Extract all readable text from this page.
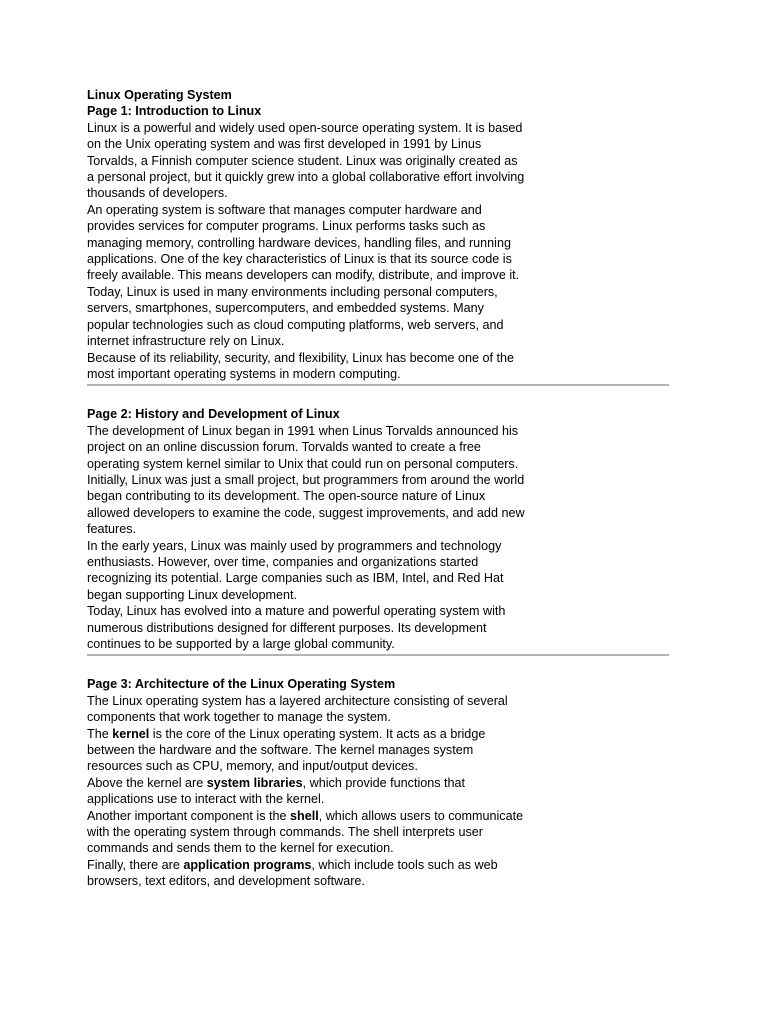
Linux Operating System

Page 1: Introduction to Linux

Linux is a powerful and widely used open-source operating system. It is based on the Unix operating system and was first developed in 1991 by Linus Torvalds, a Finnish computer science student. Linux was originally created as a personal project, but it quickly grew into a global collaborative effort involving thousands of developers.

An operating system is software that manages computer hardware and provides services for computer programs. Linux performs tasks such as managing memory, controlling hardware devices, handling files, and running applications. One of the key characteristics of Linux is that its source code is freely available. This means developers can modify, distribute, and improve it.

Today, Linux is used in many environments including personal computers, servers, smartphones, supercomputers, and embedded systems. Many popular technologies such as cloud computing platforms, web servers, and internet infrastructure rely on Linux.

Because of its reliability, security, and flexibility, Linux has become one of the most important operating systems in modern computing.

Page 2: History and Development of Linux

The development of Linux began in 1991 when Linus Torvalds announced his project on an online discussion forum. Torvalds wanted to create a free operating system kernel similar to Unix that could run on personal computers.

Initially, Linux was just a small project, but programmers from around the world began contributing to its development. The open-source nature of Linux allowed developers to examine the code, suggest improvements, and add new features.

In the early years, Linux was mainly used by programmers and technology enthusiasts. However, over time, companies and organizations started recognizing its potential. Large companies such as IBM, Intel, and Red Hat began supporting Linux development.

Today, Linux has evolved into a mature and powerful operating system with numerous distributions designed for different purposes. Its development continues to be supported by a large global community.

Page 3: Architecture of the Linux Operating System

The Linux operating system has a layered architecture consisting of several components that work together to manage the system.

The kernel is the core of the Linux operating system. It acts as a bridge between the hardware and the software. The kernel manages system resources such as CPU, memory, and input/output devices.

Above the kernel are system libraries, which provide functions that applications use to interact with the kernel.

Another important component is the shell, which allows users to communicate with the operating system through commands. The shell interprets user commands and sends them to the kernel for execution.

Finally, there are application programs, which include tools such as web browsers, text editors, and development software.
